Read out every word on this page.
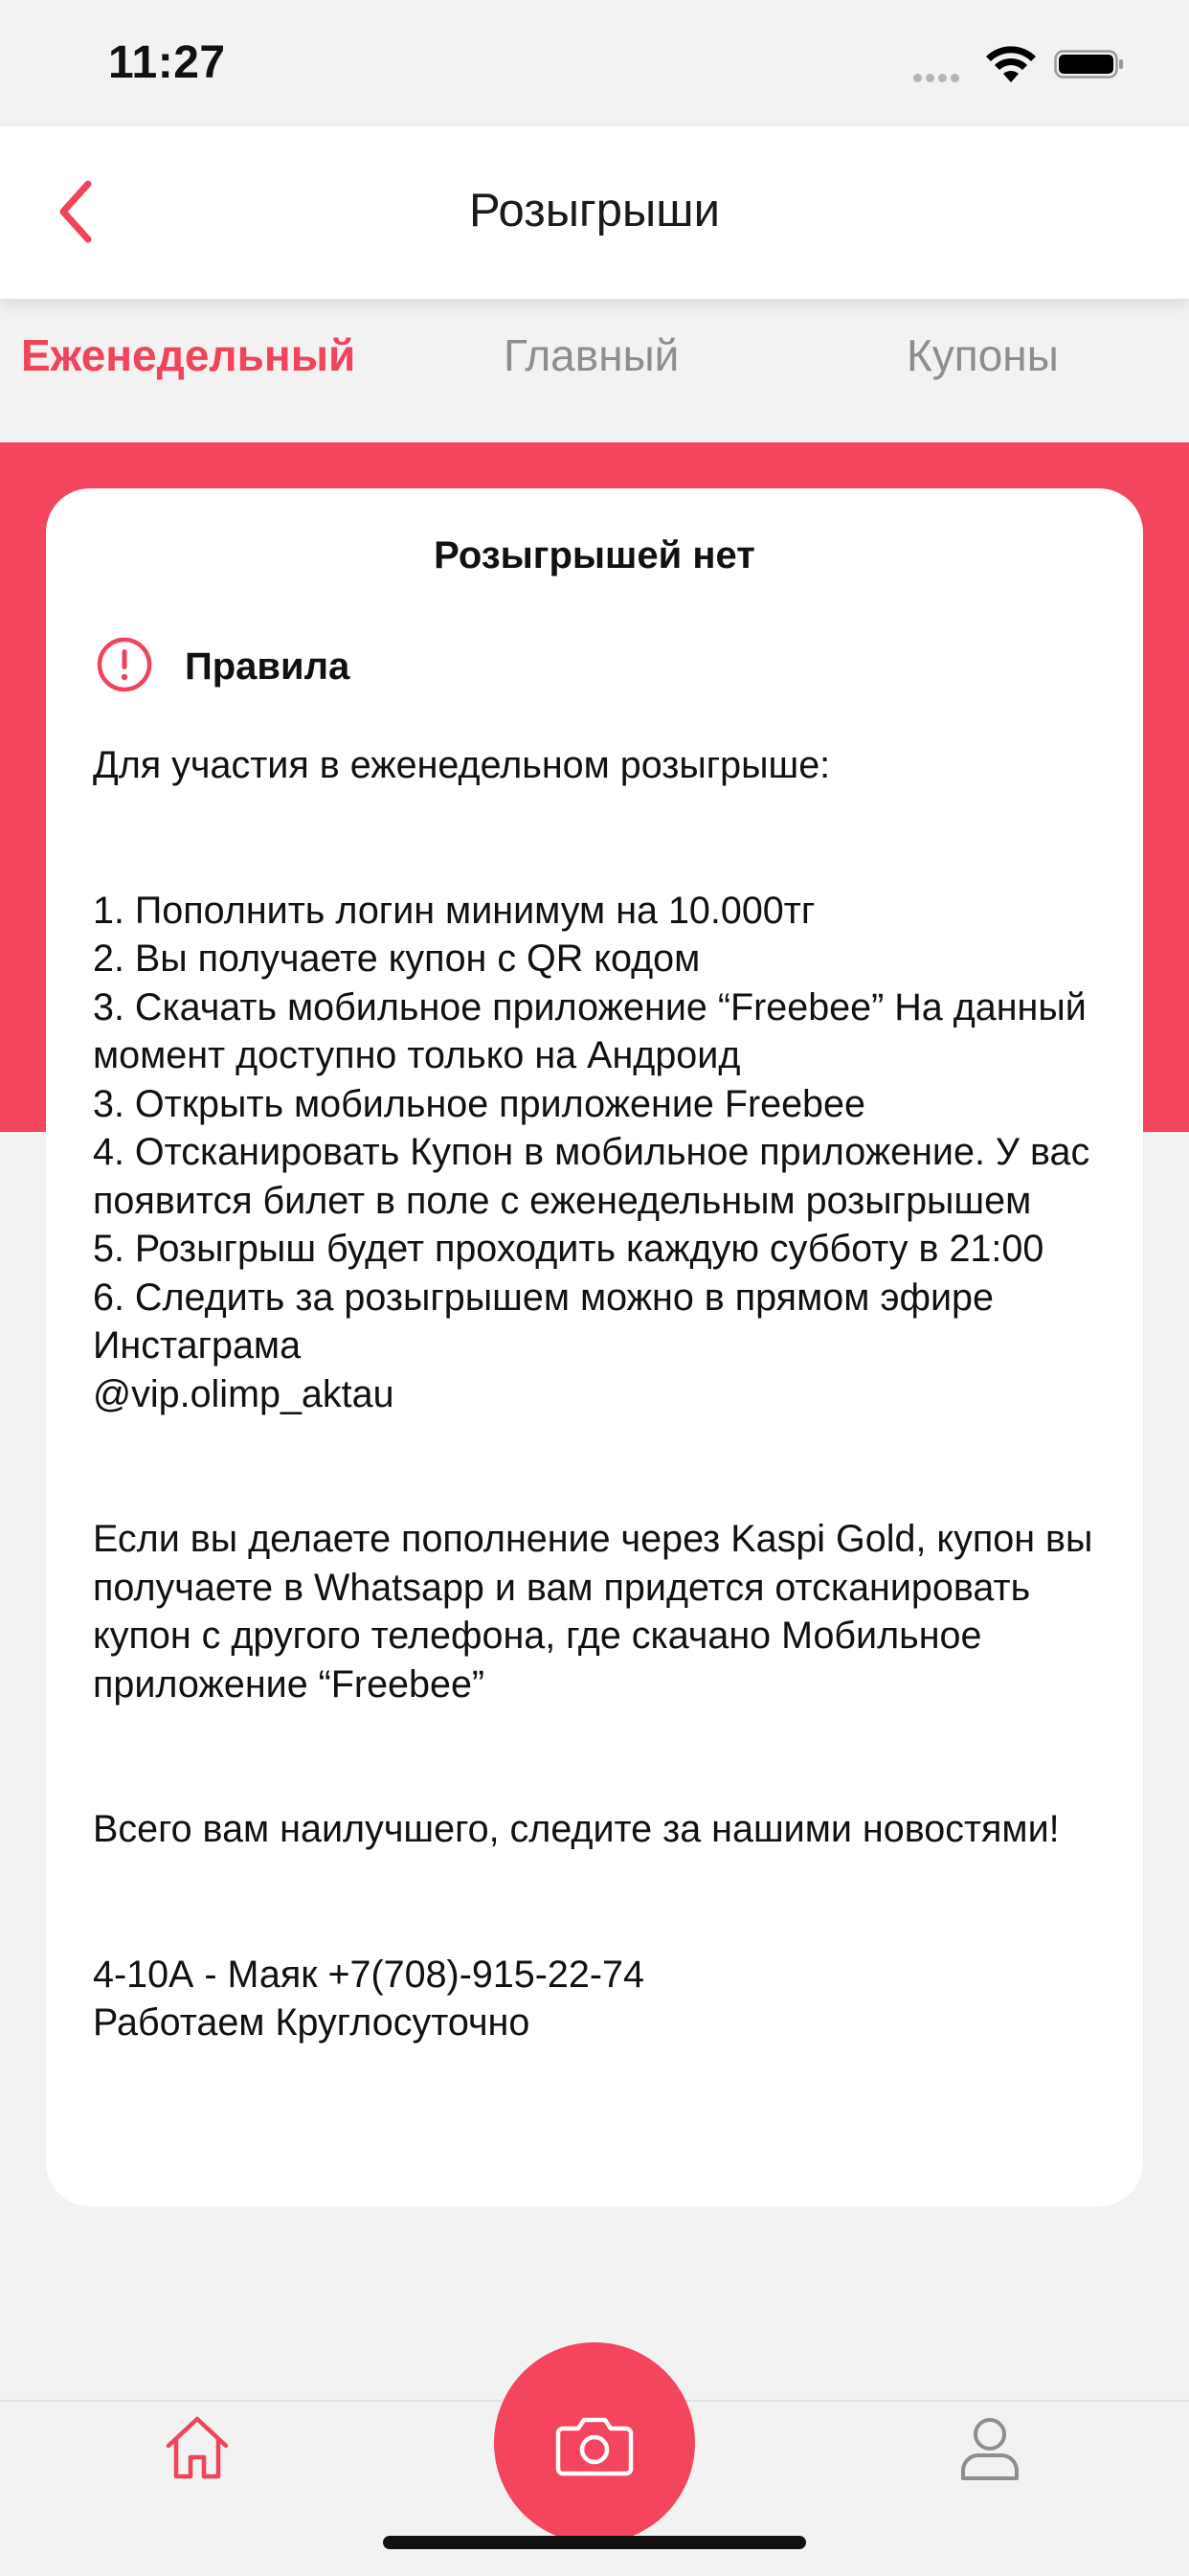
11:27
Розыгрыши
Еженедельный	Главный	Купоны
Розыгрышей нет
Правила

Для участия в еженедельном розыгрыше:

1. Пополнить логин минимум на 10.000тг
2. Вы получаете купон с QR кодом
3. Скачать мобильное приложение “Freebee” На данный момент доступно только на Андроид
3. Открыть мобильное приложение Freebee
4. Отсканировать Купон в мобильное приложение. У вас появится билет в поле с еженедельным розыгрышем
5. Розыгрыш будет проходить каждую субботу в 21:00
6. Следить за розыгрышем можно в прямом эфире Инстаграма
@vip.olimp_aktau

Если вы делаете пополнение через Kaspi Gold, купон вы получаете в Whatsapp и вам придется отсканировать купон с другого телефона, где скачано Мобильное приложение “Freebee”

Всего вам наилучшего, следите за нашими новостями!

4-10А - Маяк +7(708)-915-22-74
Работаем Круглосуточно
